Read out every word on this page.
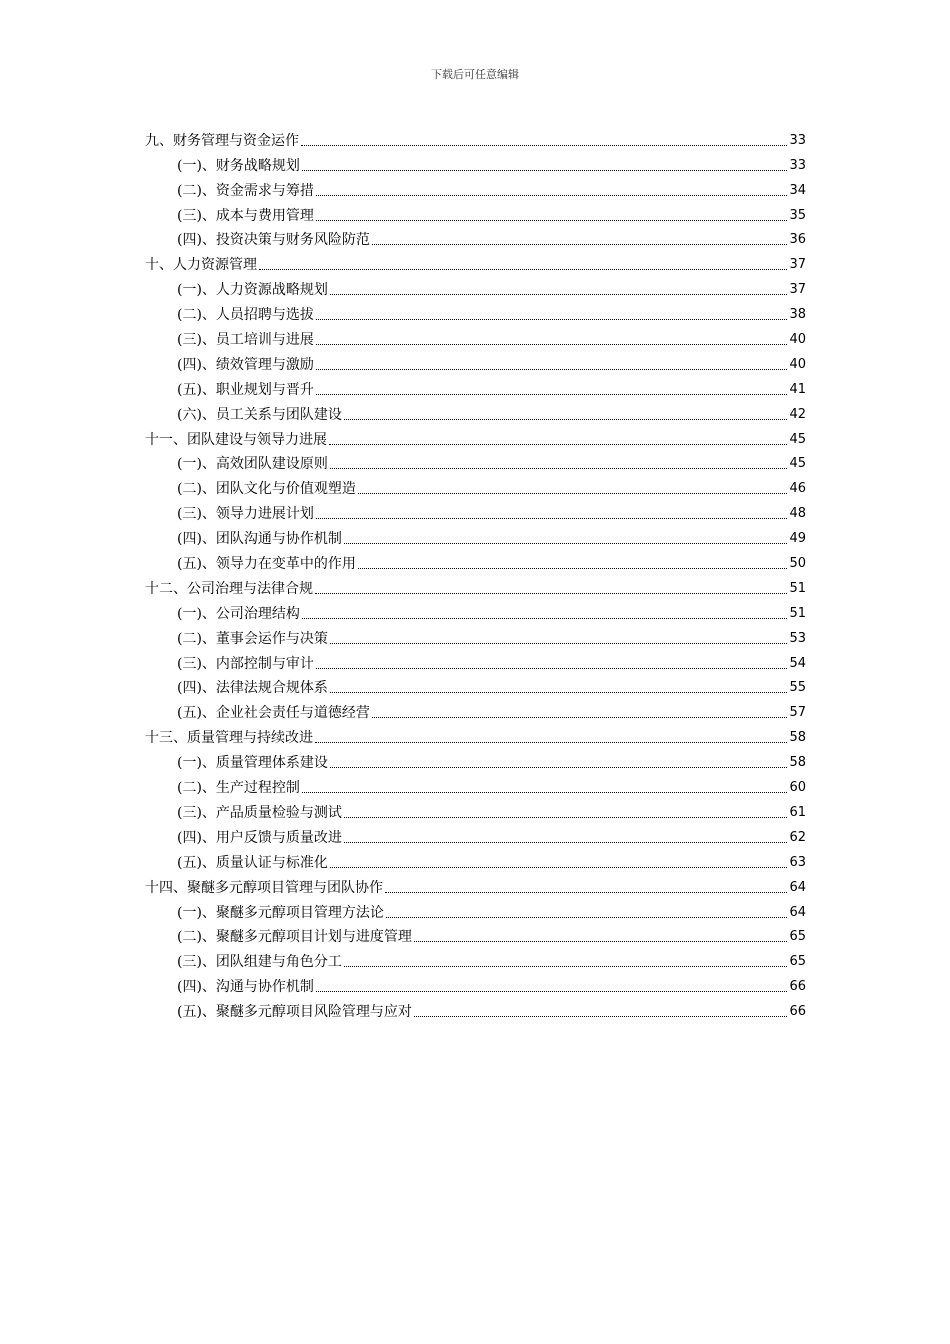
下载后可任意编辑
九、财务管理与资金运作	33
(一)、财务战略规划	33
(二)、资金需求与筹措	34
(三)、成本与费用管理	35
(四)、投资决策与财务风险防范	36
十、人力资源管理	37
(一)、人力资源战略规划	37
(二)、人员招聘与选拔	38
(三)、员工培训与进展	40
(四)、绩效管理与激励	40
(五)、职业规划与晋升	41
(六)、员工关系与团队建设	42
十一、团队建设与领导力进展	45
(一)、高效团队建设原则	45
(二)、团队文化与价值观塑造	46
(三)、领导力进展计划	48
(四)、团队沟通与协作机制	49
(五)、领导力在变革中的作用	50
十二、公司治理与法律合规	51
(一)、公司治理结构	51
(二)、董事会运作与决策	53
(三)、内部控制与审计	54
(四)、法律法规合规体系	55
(五)、企业社会责任与道德经营	57
十三、质量管理与持续改进	58
(一)、质量管理体系建设	58
(二)、生产过程控制	60
(三)、产品质量检验与测试	61
(四)、用户反馈与质量改进	62
(五)、质量认证与标准化	63
十四、聚醚多元醇项目管理与团队协作	64
(一)、聚醚多元醇项目管理方法论	64
(二)、聚醚多元醇项目计划与进度管理	65
(三)、团队组建与角色分工	65
(四)、沟通与协作机制	66
(五)、聚醚多元醇项目风险管理与应对	66
